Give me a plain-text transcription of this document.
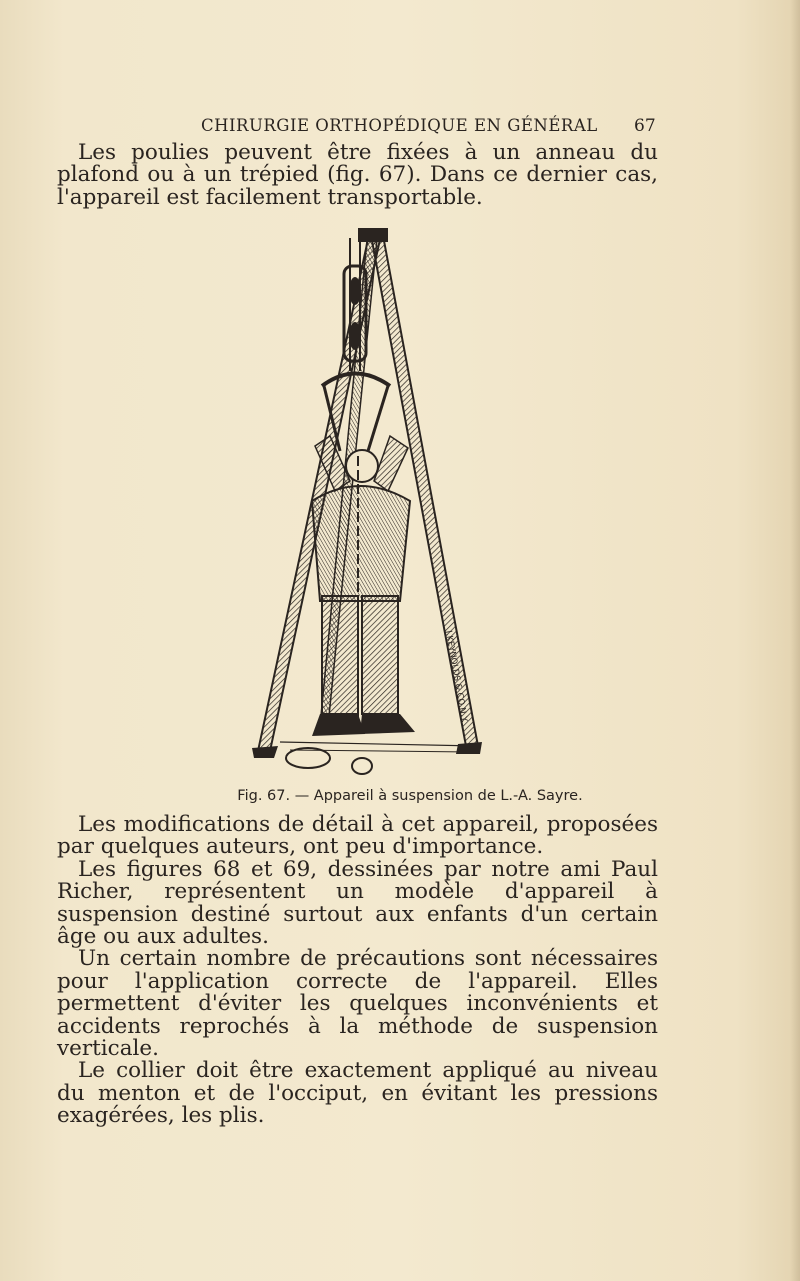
CHIRURGIE ORTHOPÉDIQUE EN GÉNÉRAL 67

Les poulies peuvent être fixées à un anneau du plafond ou à un trépied (fig. 67). Dans ce dernier cas, l'appareil est facilement transportable.

J.KEYNOLDS & CO.N.Y.
Fig. 67. — Appareil à suspension de L.-A. Sayre.

Les modifications de détail à cet appareil, proposées par quelques auteurs, ont peu d'importance.

Les figures 68 et 69, dessinées par notre ami Paul Richer, représentent un modèle d'appareil à suspension destiné surtout aux enfants d'un certain âge ou aux adultes.

Un certain nombre de précautions sont nécessaires pour l'application correcte de l'appareil. Elles permettent d'éviter les quelques inconvénients et accidents reprochés à la méthode de suspension verticale.

Le collier doit être exactement appliqué au niveau du menton et de l'occiput, en évitant les pressions exagérées, les plis.
